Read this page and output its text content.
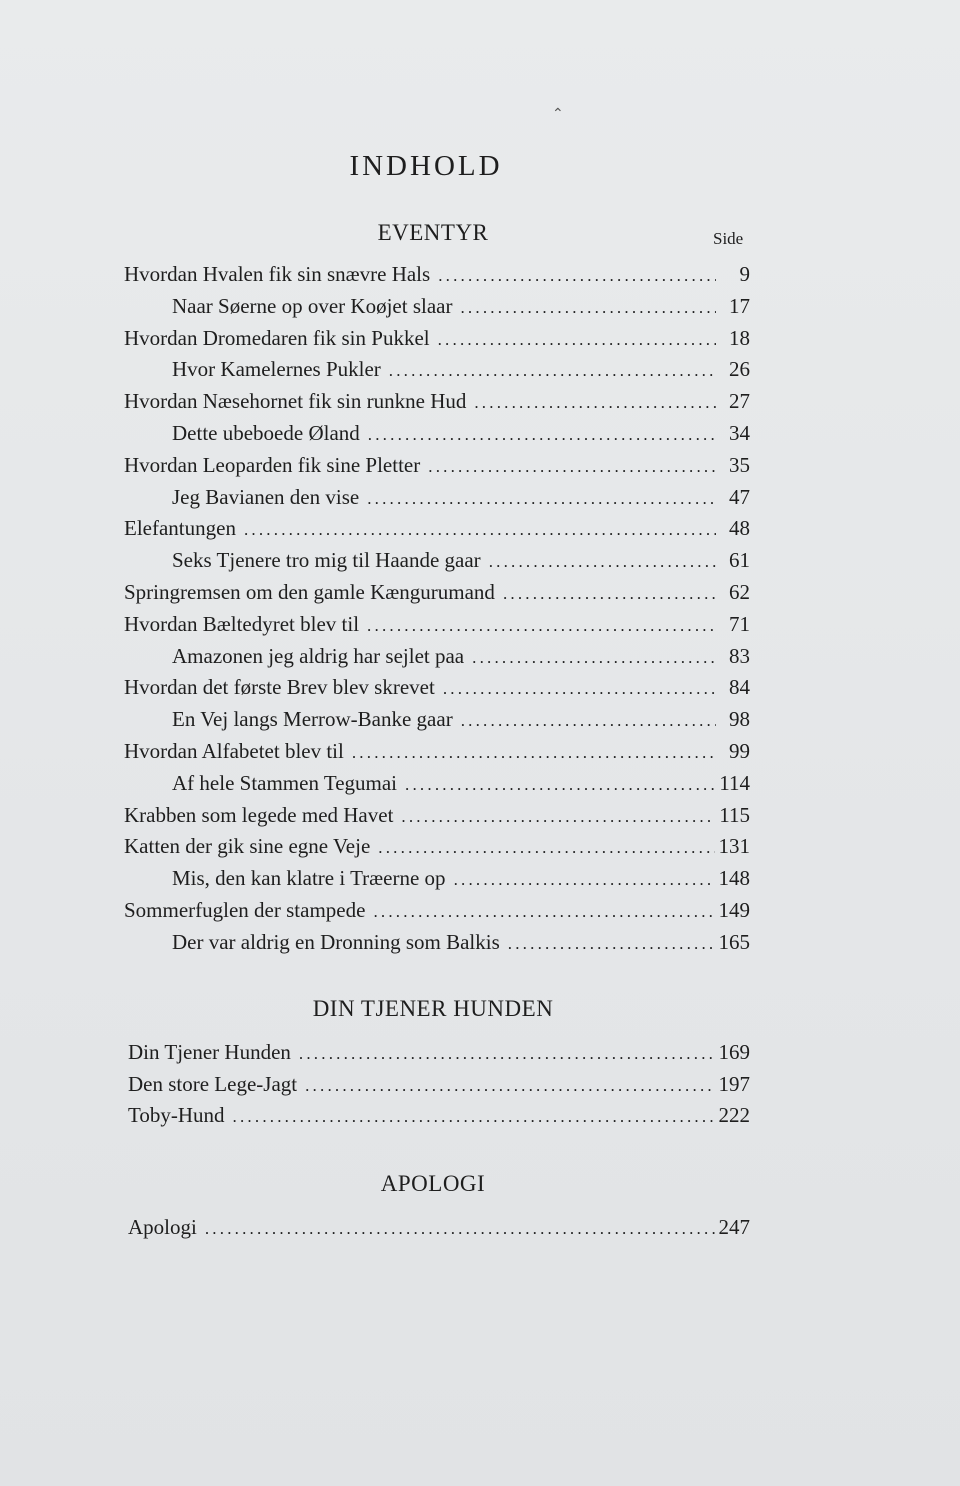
⌃
INDHOLD
EVENTYR	Side
Hvordan Hvalen fik sin snævre Hals .....	9
Naar Søerne op over Koøjet slaar .....	17
Hvordan Dromedaren fik sin Pukkel .....	18
Hvor Kamelernes Pukler .....	26
Hvordan Næsehornet fik sin runkne Hud .....	27
Dette ubeboede Øland .....	34
Hvordan Leoparden fik sine Pletter .....	35
Jeg Bavianen den vise .....	47
Elefantungen .....	48
Seks Tjenere tro mig til Haande gaar .....	61
Springremsen om den gamle Kængurumand .....	62
Hvordan Bæltedyret blev til .....	71
Amazonen jeg aldrig har sejlet paa .....	83
Hvordan det første Brev blev skrevet .....	84
En Vej langs Merrow-Banke gaar .....	98
Hvordan Alfabetet blev til .....	99
Af hele Stammen Tegumai .....	114
Krabben som legede med Havet .....	115
Katten der gik sine egne Veje .....	131
Mis, den kan klatre i Træerne op .....	148
Sommerfuglen der stampede .....	149
Der var aldrig en Dronning som Balkis .....	165
DIN TJENER HUNDEN
Din Tjener Hunden .....	169
Den store Lege-Jagt .....	197
Toby-Hund .....	222
APOLOGI
Apologi .....	247
